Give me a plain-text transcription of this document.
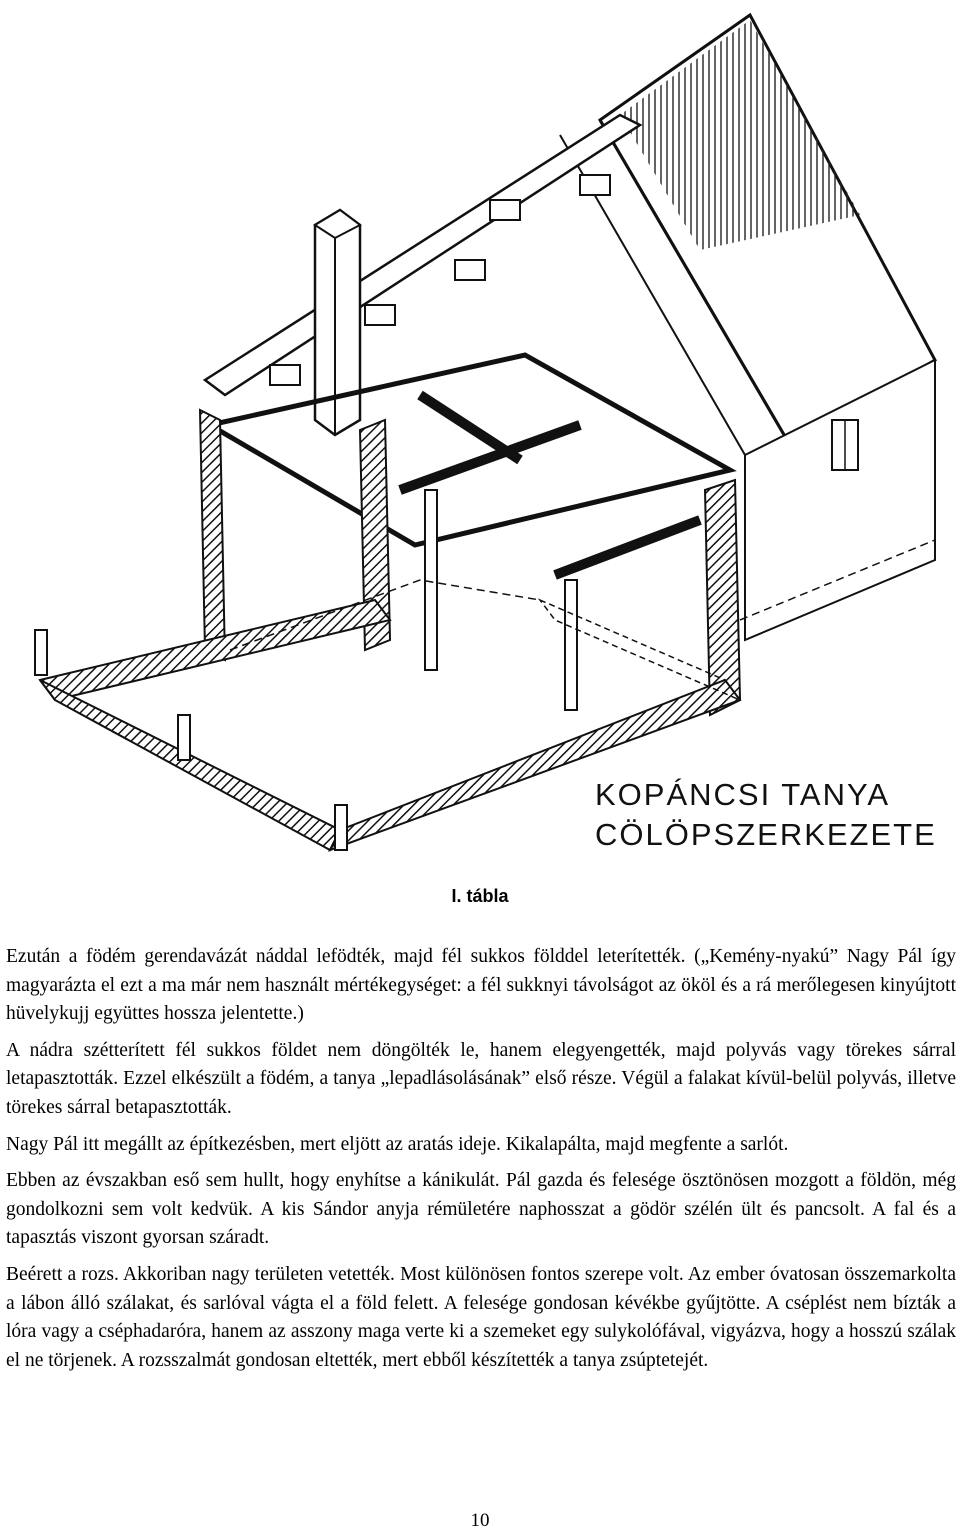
KOPÁNCSI TANYA
CÖLÖPSZERKEZETE
I. tábla

Ezután a födém gerendavázát náddal lefödték, majd fél sukkos földdel leterítették. („Kemény-nyakú” Nagy Pál így magyarázta el ezt a ma már nem használt mértékegységet: a fél sukknyi távolságot az ököl és a rá merőlegesen kinyújtott hüvelykujj együttes hossza jelentette.)

A nádra szétterített fél sukkos földet nem döngölték le, hanem elegyengették, majd polyvás vagy törekes sárral letapasztották. Ezzel elkészült a födém, a tanya „lepadlásolásának” első része. Végül a falakat kívül-belül polyvás, illetve törekes sárral betapasztották.

Nagy Pál itt megállt az építkezésben, mert eljött az aratás ideje. Kikalapálta, majd megfente a sarlót.

Ebben az évszakban eső sem hullt, hogy enyhítse a kánikulát. Pál gazda és felesége ösztönösen mozgott a földön, még gondolkozni sem volt kedvük. A kis Sándor anyja rémületére naphosszat a gödör szélén ült és pancsolt. A fal és a tapasztás viszont gyorsan száradt.

Beérett a rozs. Akkoriban nagy területen vetették. Most különösen fontos szerepe volt. Az ember óvatosan összemarkolta a lábon álló szálakat, és sarlóval vágta el a föld felett. A felesége gondosan kévékbe gyűjtötte. A cséplést nem bízták a lóra vagy a cséphadaróra, hanem az asszony maga verte ki a szemeket egy sulykolófával, vigyázva, hogy a hosszú szálak el ne törjenek. A rozsszalmát gondosan eltették, mert ebből készítették a tanya zsúptetejét.

10
